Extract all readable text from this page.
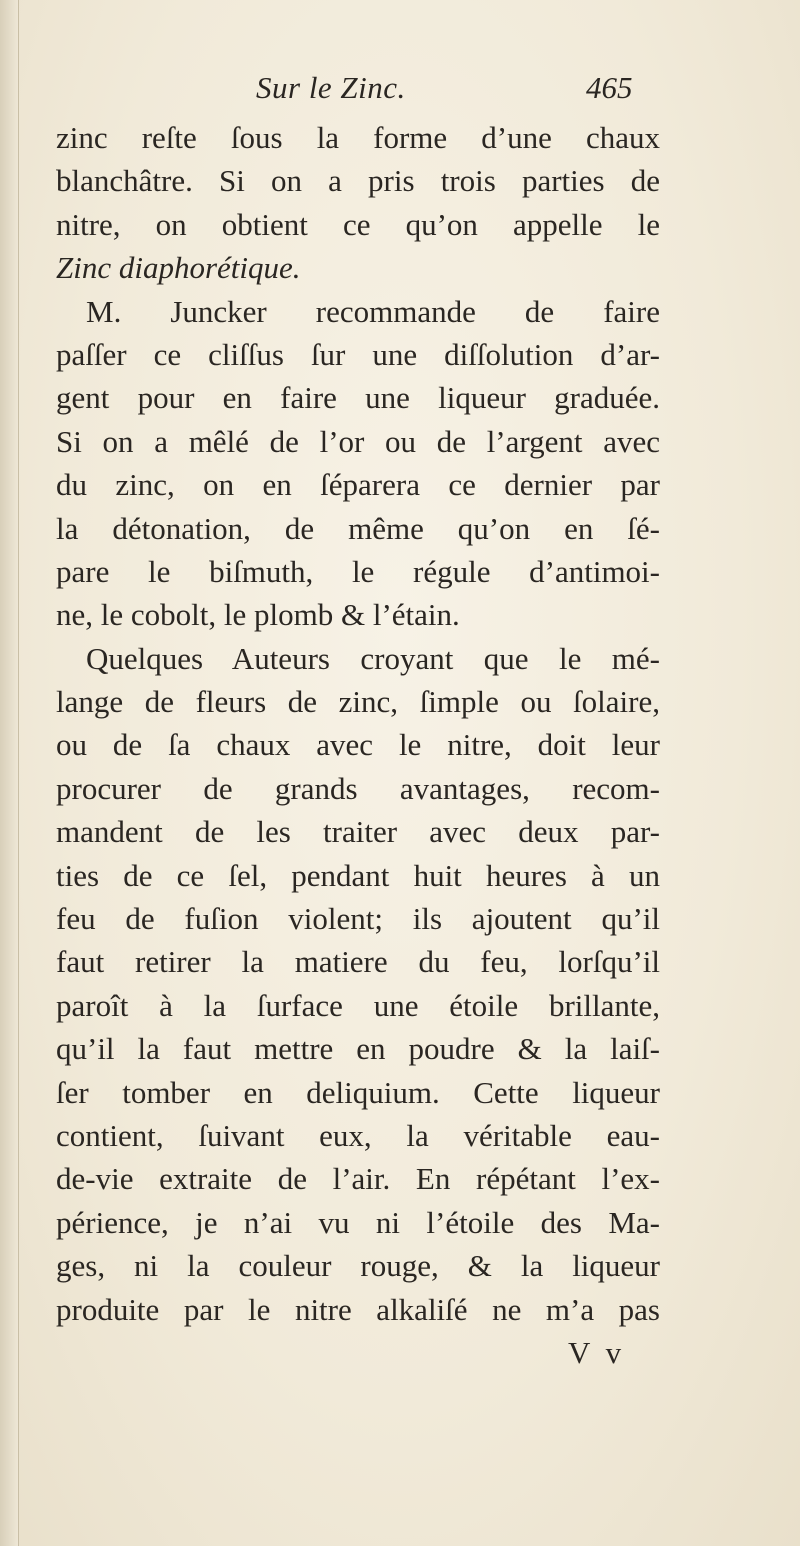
Sur le Zinc.	465
zinc reſte ſous la forme d’une chaux
blanchâtre. Si on a pris trois parties de
nitre, on obtient ce qu’on appelle le
Zinc diaphorétique.
M. Juncker recommande de faire
paſſer ce cliſſus ſur une diſſolution d’ar-
gent pour en faire une liqueur graduée.
Si on a mêlé de l’or ou de l’argent avec
du zinc, on en ſéparera ce dernier par
la détonation, de même qu’on en ſé-
pare le biſmuth, le régule d’antimoi-
ne, le cobolt, le plomb & l’étain.
Quelques Auteurs croyant que le mé-
lange de fleurs de zinc, ſimple ou ſolaire,
ou de ſa chaux avec le nitre, doit leur
procurer de grands avantages, recom-
mandent de les traiter avec deux par-
ties de ce ſel, pendant huit heures à un
feu de fuſion violent; ils ajoutent qu’il
faut retirer la matiere du feu, lorſqu’il
paroît à la ſurface une étoile brillante,
qu’il la faut mettre en poudre & la laiſ-
ſer tomber en deliquium. Cette liqueur
contient, ſuivant eux, la véritable eau-
de-vie extraite de l’air. En répétant l’ex-
périence, je n’ai vu ni l’étoile des Ma-
ges, ni la couleur rouge, & la liqueur
produite par le nitre alkaliſé ne m’a pas
V v
